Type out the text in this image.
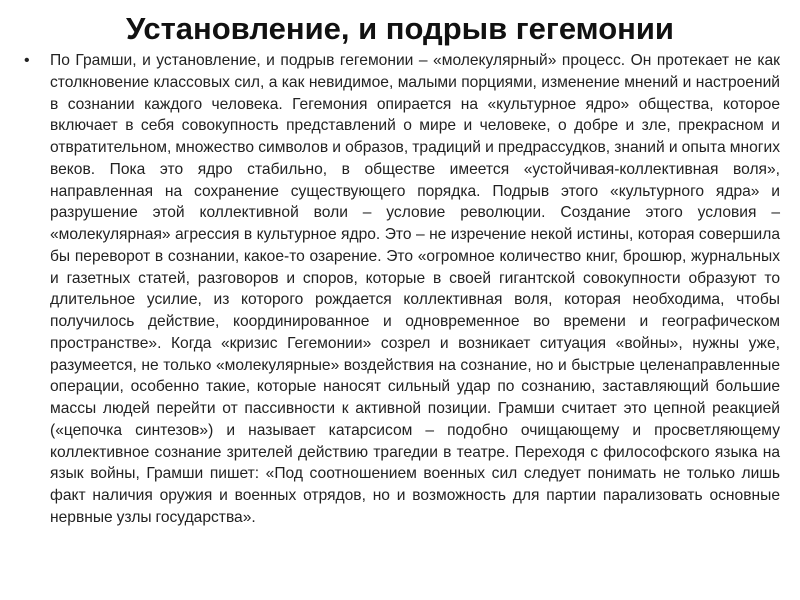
Установление, и подрыв гегемонии
•	По Грамши, и установление, и подрыв гегемонии – «молекулярный» процесс. Он протекает не как столкновение классовых сил, а как невидимое, малыми порциями, изменение мнений и настроений в сознании каждого человека. Гегемония опирается на «культурное ядро» общества, которое включает в себя совокупность представлений о мире и человеке, о добре и зле, прекрасном и отвратительном, множество символов и образов, традиций и предрассудков, знаний и опыта многих веков. Пока это ядро стабильно, в обществе имеется «устойчивая-коллективная воля», направленная на сохранение существующего порядка. Подрыв этого «культурного ядра» и разрушение этой коллективной воли – условие революции. Создание этого условия – «молекулярная» агрессия в культурное ядро. Это – не изречение некой истины, которая совершила бы переворот в сознании, какое-то озарение. Это «огромное количество книг, брошюр, журнальных и газетных статей, разговоров и споров, которые в своей гигантской совокупности образуют то длительное усилие, из которого рождается коллективная воля, которая необходима, чтобы получилось действие, координированное и одновременное во времени и географическом пространстве». Когда «кризис Гегемонии» созрел и возникает ситуация «войны», нужны уже, разумеется, не только «молекулярные» воздействия на сознание, но и быстрые целенаправленные операции, особенно такие, которые наносят сильный удар по сознанию, заставляющий большие массы людей перейти от пассивности к активной позиции. Грамши считает это цепной реакцией («цепочка синтезов») и называет катарсисом – подобно очищающему и просветляющему коллективное сознание зрителей действию трагедии в театре. Переходя с философского языка на язык войны, Грамши пишет: «Под соотношением военных сил следует понимать не только лишь факт наличия оружия и военных отрядов, но и возможность для партии парализовать основные нервные узлы государства».
